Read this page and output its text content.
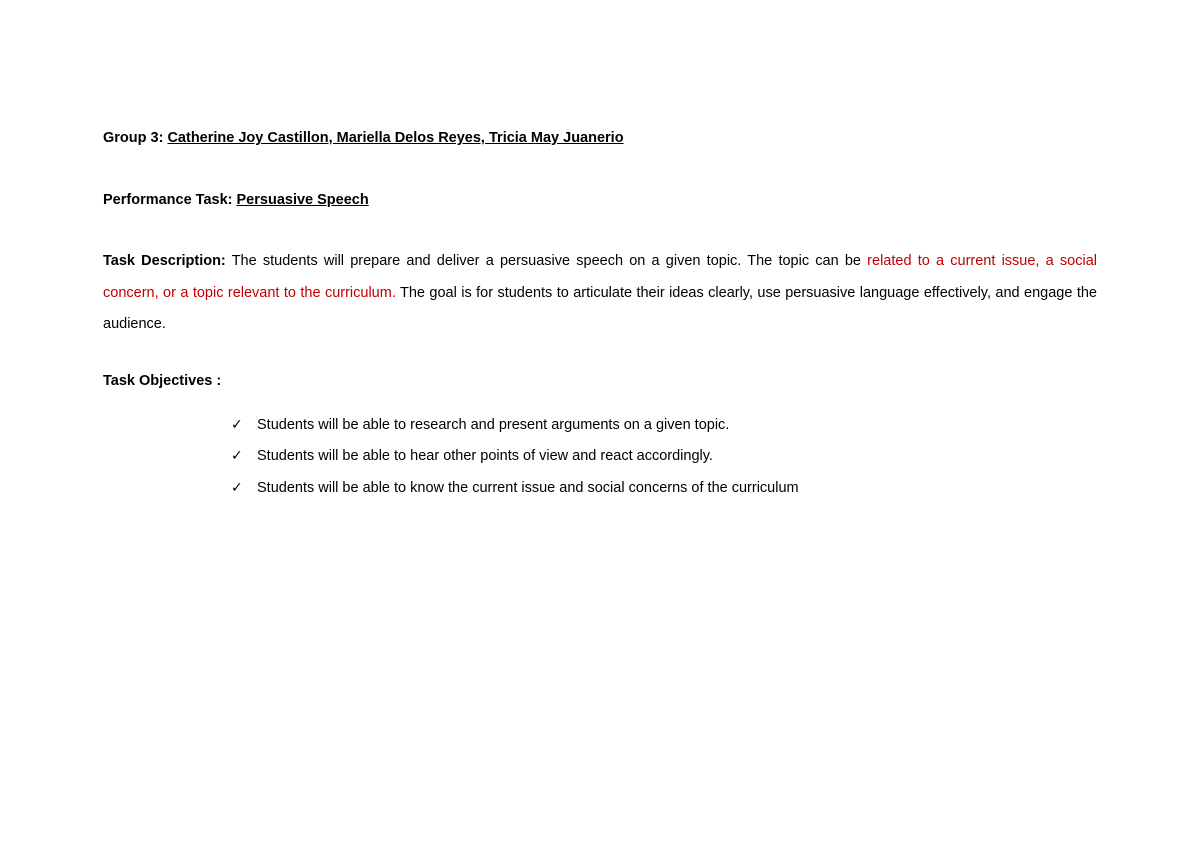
Group 3: Catherine Joy Castillon, Mariella Delos Reyes, Tricia May Juanerio

Performance Task: Persuasive Speech

Task Description: The students will prepare and deliver a persuasive speech on a given topic. The topic can be related to a current issue, a social concern, or a topic relevant to the curriculum. The goal is for students to articulate their ideas clearly, use persuasive language effectively, and engage the audience.

Task Objectives :

✓ Students will be able to research and present arguments on a given topic.
✓ Students will be able to hear other points of view and react accordingly.
✓ Students will be able to know the current issue and social concerns of the curriculum
